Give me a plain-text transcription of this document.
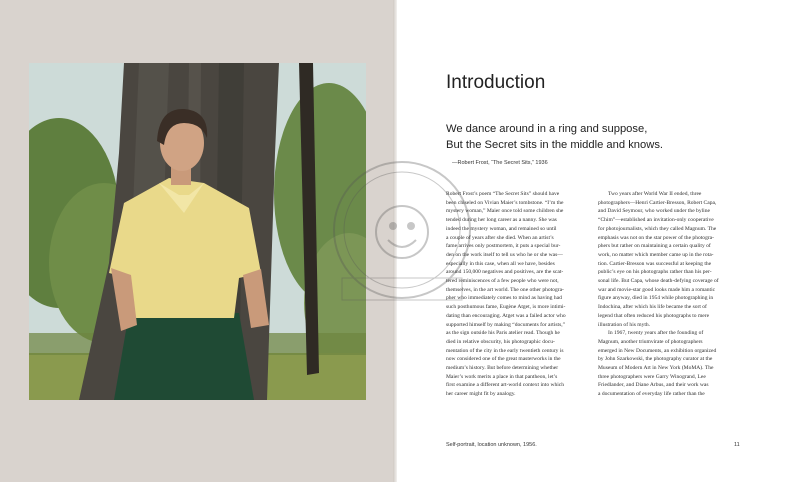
Introduction
We dance around in a ring and suppose,
But the Secret sits in the middle and knows.
—Robert Frost, “The Secret Sits,” 1936
Robert Frost’s poem “The Secret Sits” should have
been chiseled on Vivian Maier’s tombstone. “I’m the
mystery woman,” Maier once told some children she
tended during her long career as a nanny. She was
indeed the mystery woman, and remained so until
a couple of years after she died. When an artist’s
fame arrives only postmortem, it puts a special bur-
den on the work itself to tell us who he or she was—
especially in this case, when all we have, besides
around 150,000 negatives and positives, are the scat-
tered reminiscences of a few people who were not,
themselves, in the art world. The one other photogra-
pher who immediately comes to mind as having had
such posthumous fame, Eugène Atget, is more intimi-
dating than encouraging. Atget was a failed actor who
supported himself by making “documents for artists,”
as the sign outside his Paris atelier read. Though he
died in relative obscurity, his photographic docu-
mentation of the city in the early twentieth century is
now considered one of the great masterworks in the
medium’s history. But before determining whether
Maier’s work merits a place in that pantheon, let’s
first examine a different art-world context into which
her career might fit by analogy.
Two years after World War II ended, three
photographers—Henri Cartier-Bresson, Robert Capa,
and David Seymour, who worked under the byline
“Chim”—established an invitation-only cooperative
for photojournalists, which they called Magnum. The
emphasis was not on the star power of the photogra-
phers but rather on maintaining a certain quality of
work, no matter which member came up in the rota-
tion. Cartier-Bresson was successful at keeping the
public’s eye on his photographs rather than his per-
sonal life. But Capa, whose death-defying coverage of
war and movie-star good looks made him a romantic
figure anyway, died in 1954 while photographing in
Indochina, after which his life became the sort of
legend that often reduced his photographs to mere
illustration of his myth.
In 1967, twenty years after the founding of
Magnum, another triumvirate of photographers
emerged in New Documents, an exhibition organized
by John Szarkowski, the photography curator at the
Museum of Modern Art in New York (MoMA). The
three photographers were Garry Winogrand, Lee
Friedlander, and Diane Arbus, and their work was
a documentation of everyday life rather than the
Self-portrait, location unknown, 1956.	11
